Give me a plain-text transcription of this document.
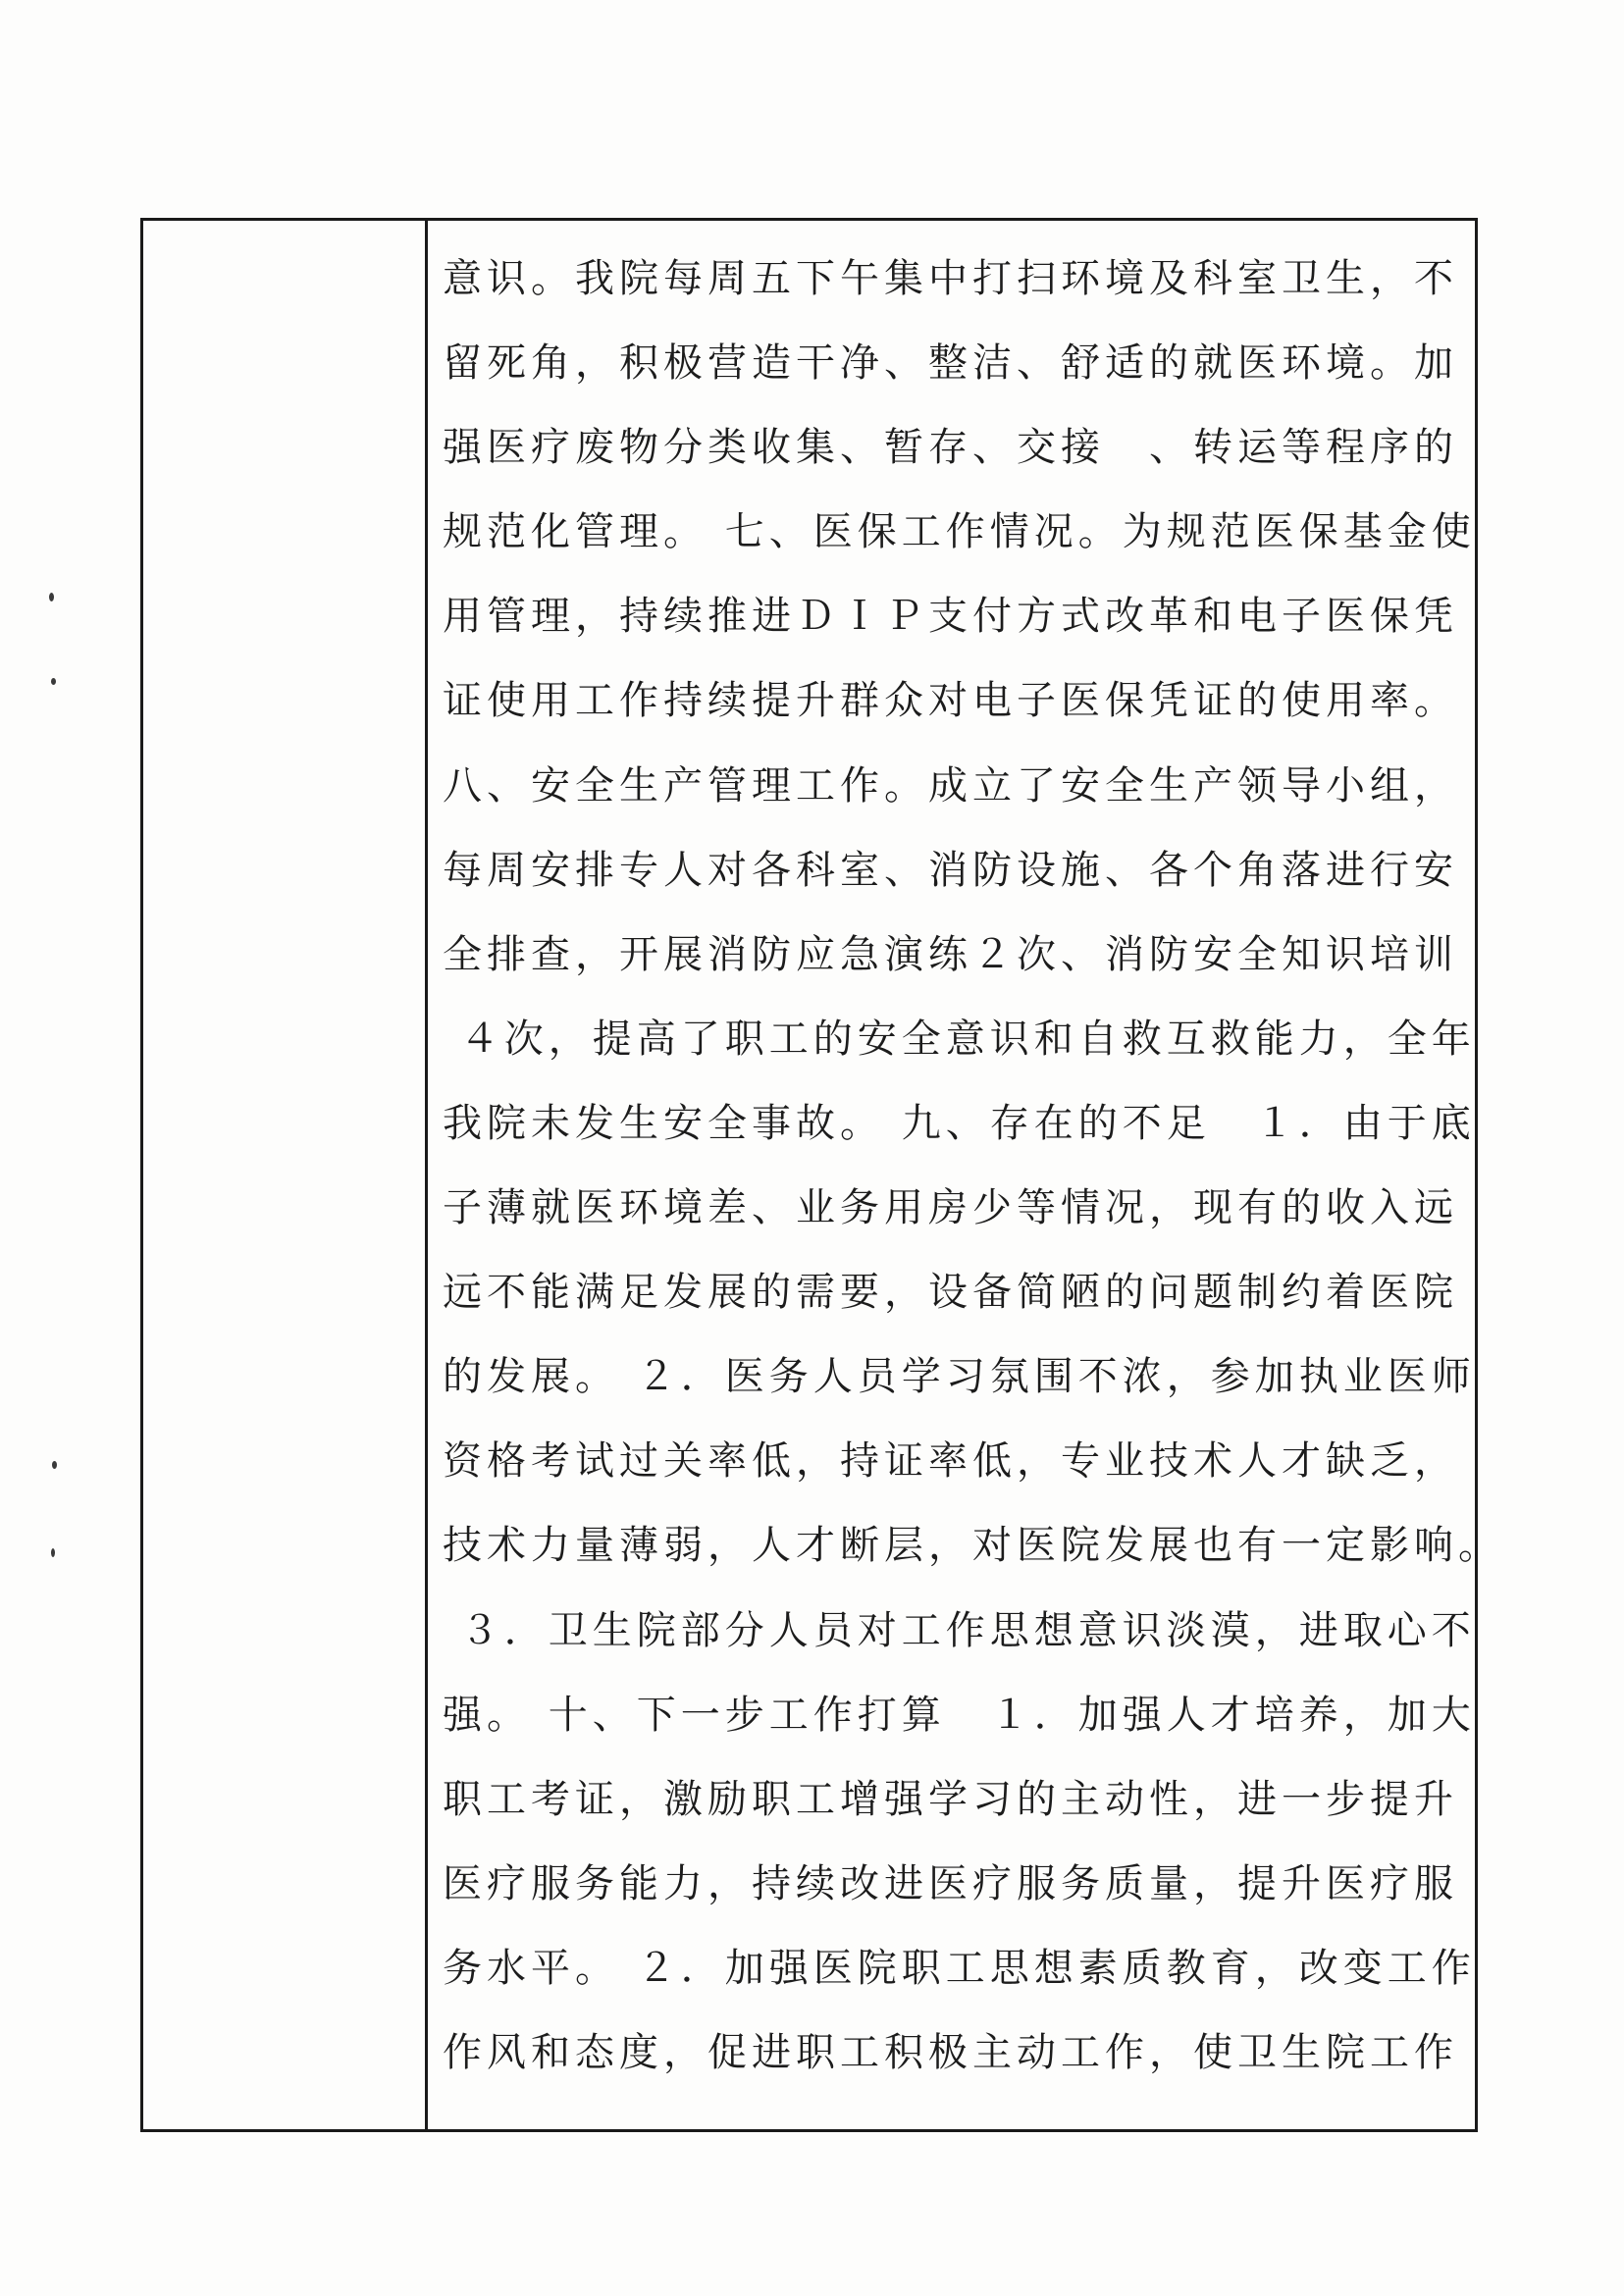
意识。我院每周五下午集中打扫环境及科室卫生，不
留死角，积极营造干净、整洁、舒适的就医环境。加
强医疗废物分类收集、暂存、交接　、转运等程序的
规范化管理。 七、医保工作情况。为规范医保基金使
用管理，持续推进ＤＩＰ支付方式改革和电子医保凭
证使用工作持续提升群众对电子医保凭证的使用率。
八、安全生产管理工作。成立了安全生产领导小组，
每周安排专人对各科室、消防设施、各个角落进行安
全排查，开展消防应急演练２次、消防安全知识培训
４次，提高了职工的安全意识和自救互救能力，全年
我院未发生安全事故。 九、存在的不足　１．由于底
子薄就医环境差、业务用房少等情况，现有的收入远
远不能满足发展的需要，设备简陋的问题制约着医院
的发展。 ２．医务人员学习氛围不浓，参加执业医师
资格考试过关率低，持证率低，专业技术人才缺乏，
技术力量薄弱，人才断层，对医院发展也有一定影响。
３．卫生院部分人员对工作思想意识淡漠，进取心不
强。 十、下一步工作打算　１．加强人才培养，加大
职工考证，激励职工增强学习的主动性，进一步提升
医疗服务能力，持续改进医疗服务质量，提升医疗服
务水平。 ２．加强医院职工思想素质教育，改变工作
作风和态度，促进职工积极主动工作，使卫生院工作
